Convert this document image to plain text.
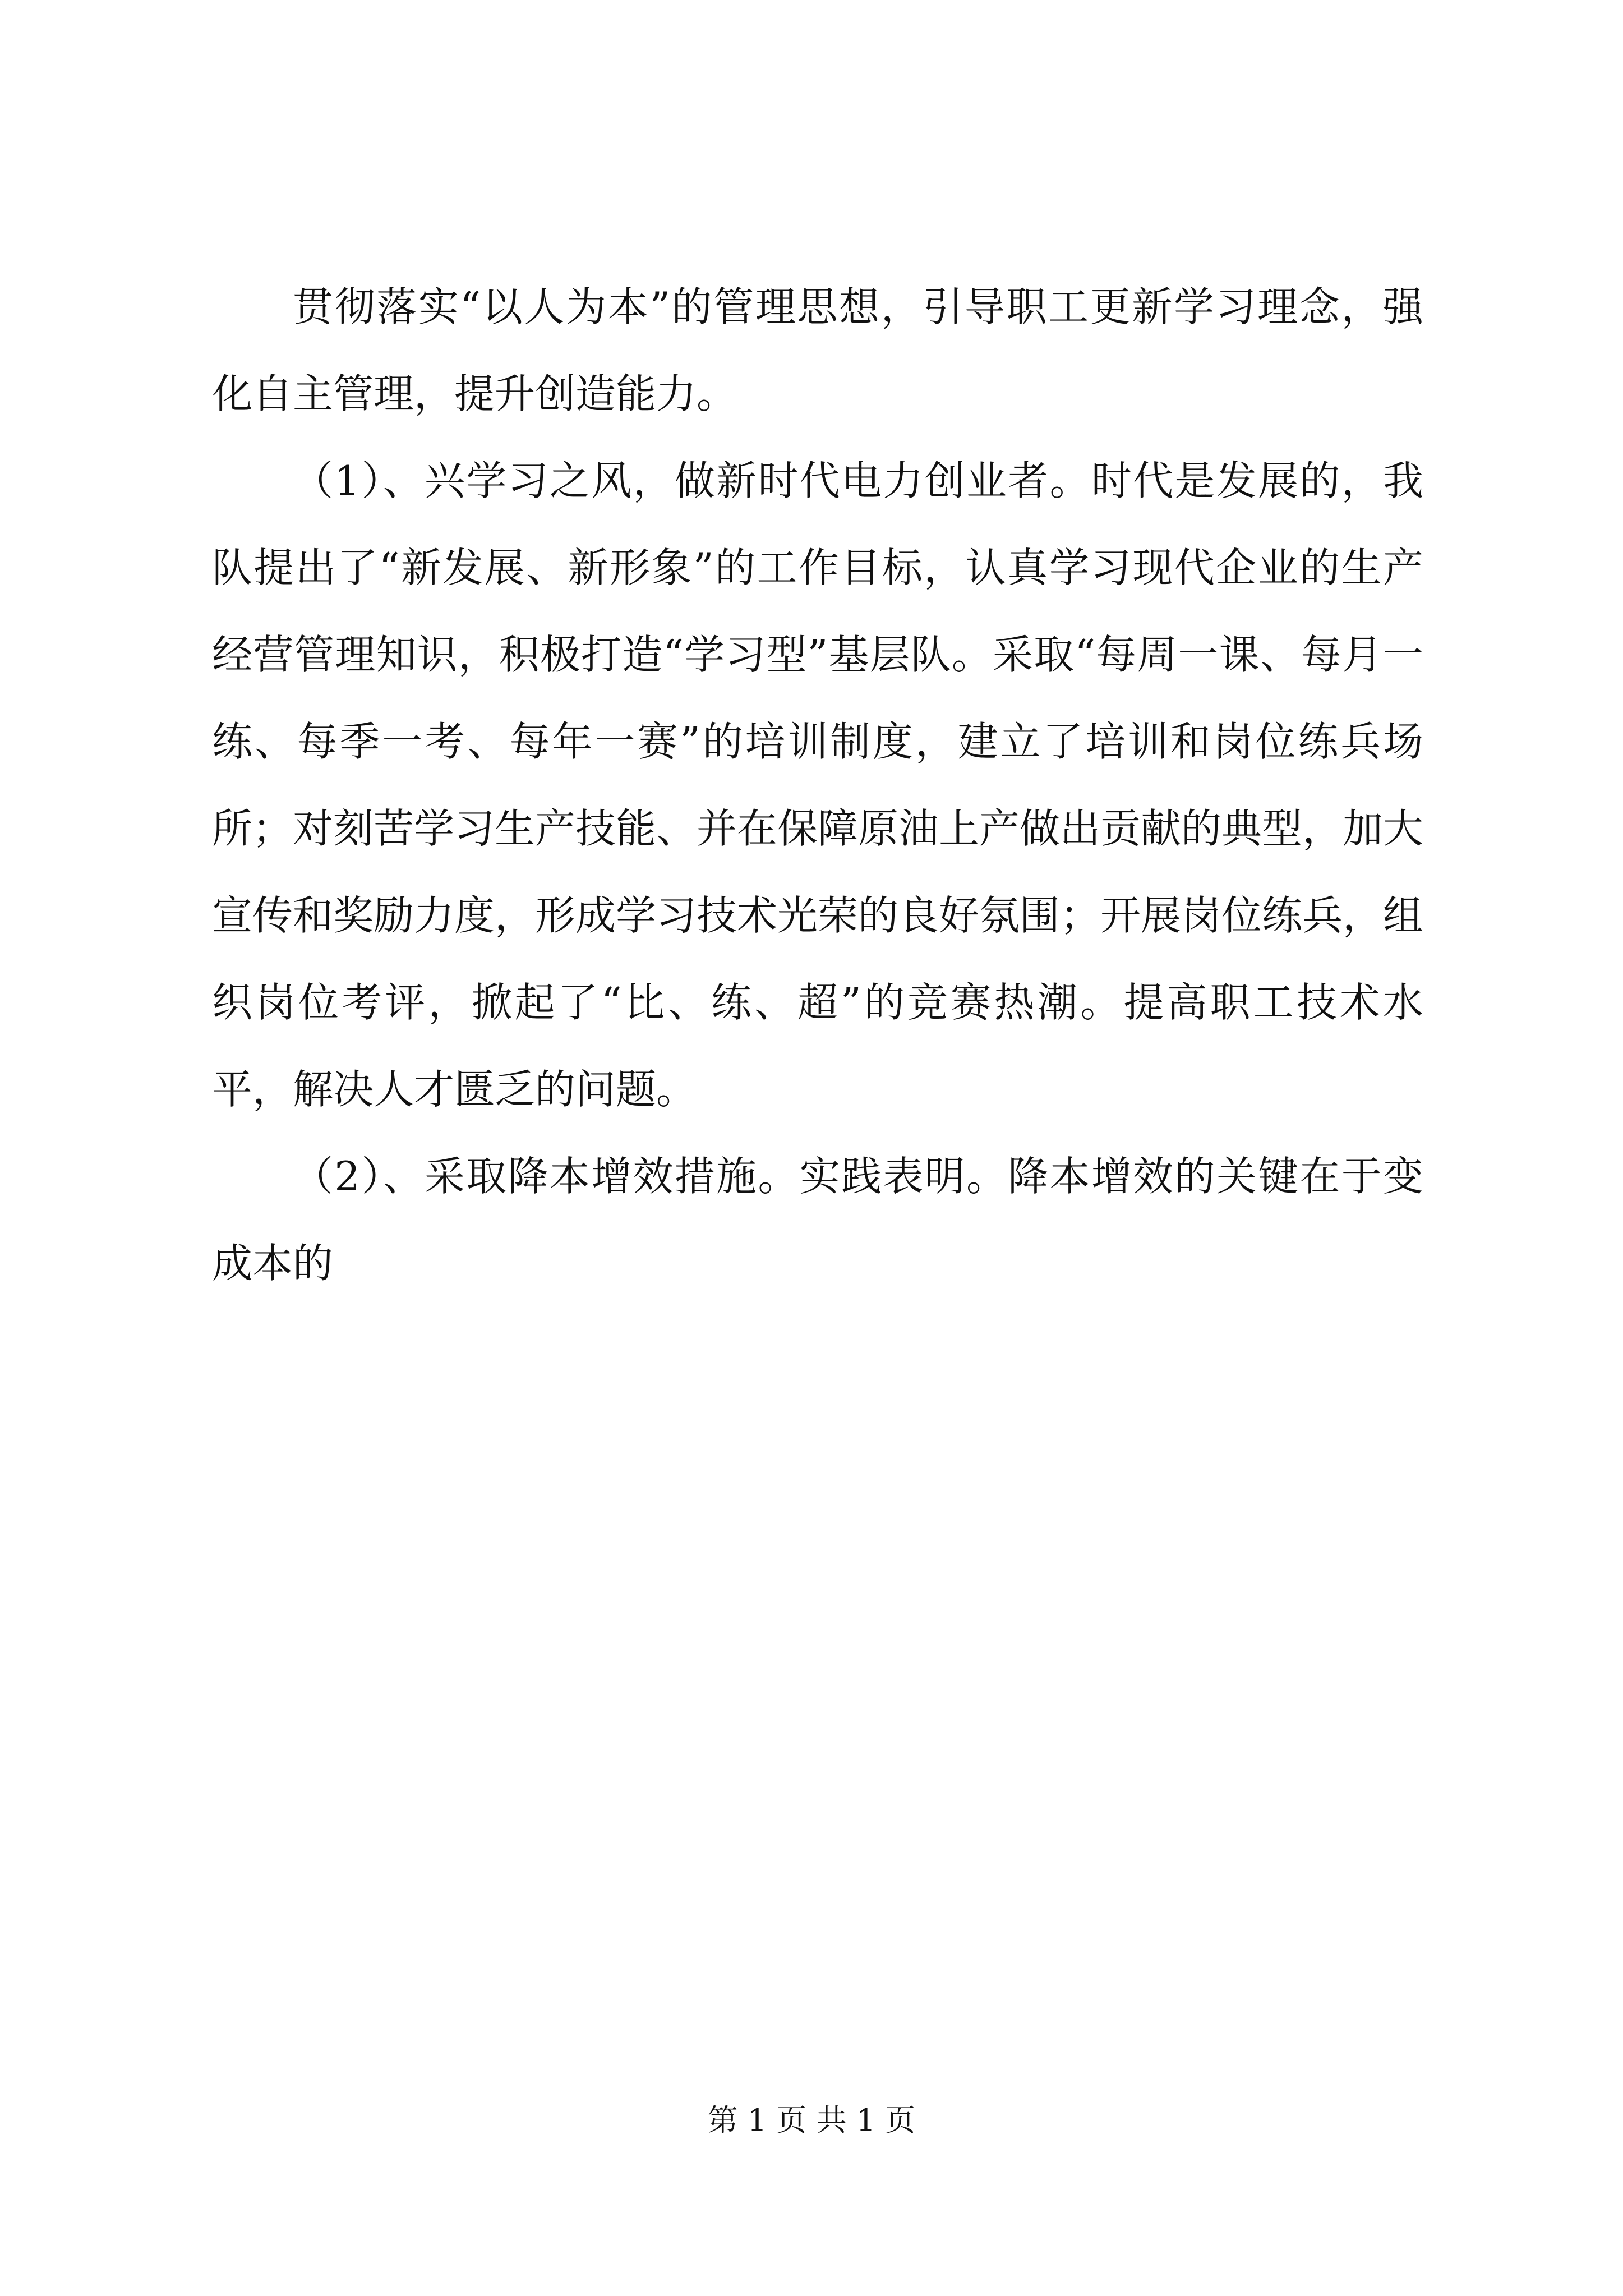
贯彻落实“以人为本”的管理思想，引导职工更新学习理念，强化自主管理，提升创造能力。

（1）、兴学习之风，做新时代电力创业者。时代是发展的，我队提出了“新发展、新形象”的工作目标，认真学习现代企业的生产经营管理知识，积极打造“学习型”基层队。采取“每周一课、每月一练、每季一考、每年一赛”的培训制度，建立了培训和岗位练兵场所；对刻苦学习生产技能、并在保障原油上产做出贡献的典型，加大宣传和奖励力度，形成学习技术光荣的良好氛围；开展岗位练兵，组织岗位考评，掀起了“比、练、超”的竞赛热潮。提高职工技术水平，解决人才匮乏的问题。

（2）、采取降本增效措施。实践表明。降本增效的关键在于变成本的

第 1 页 共 1 页
